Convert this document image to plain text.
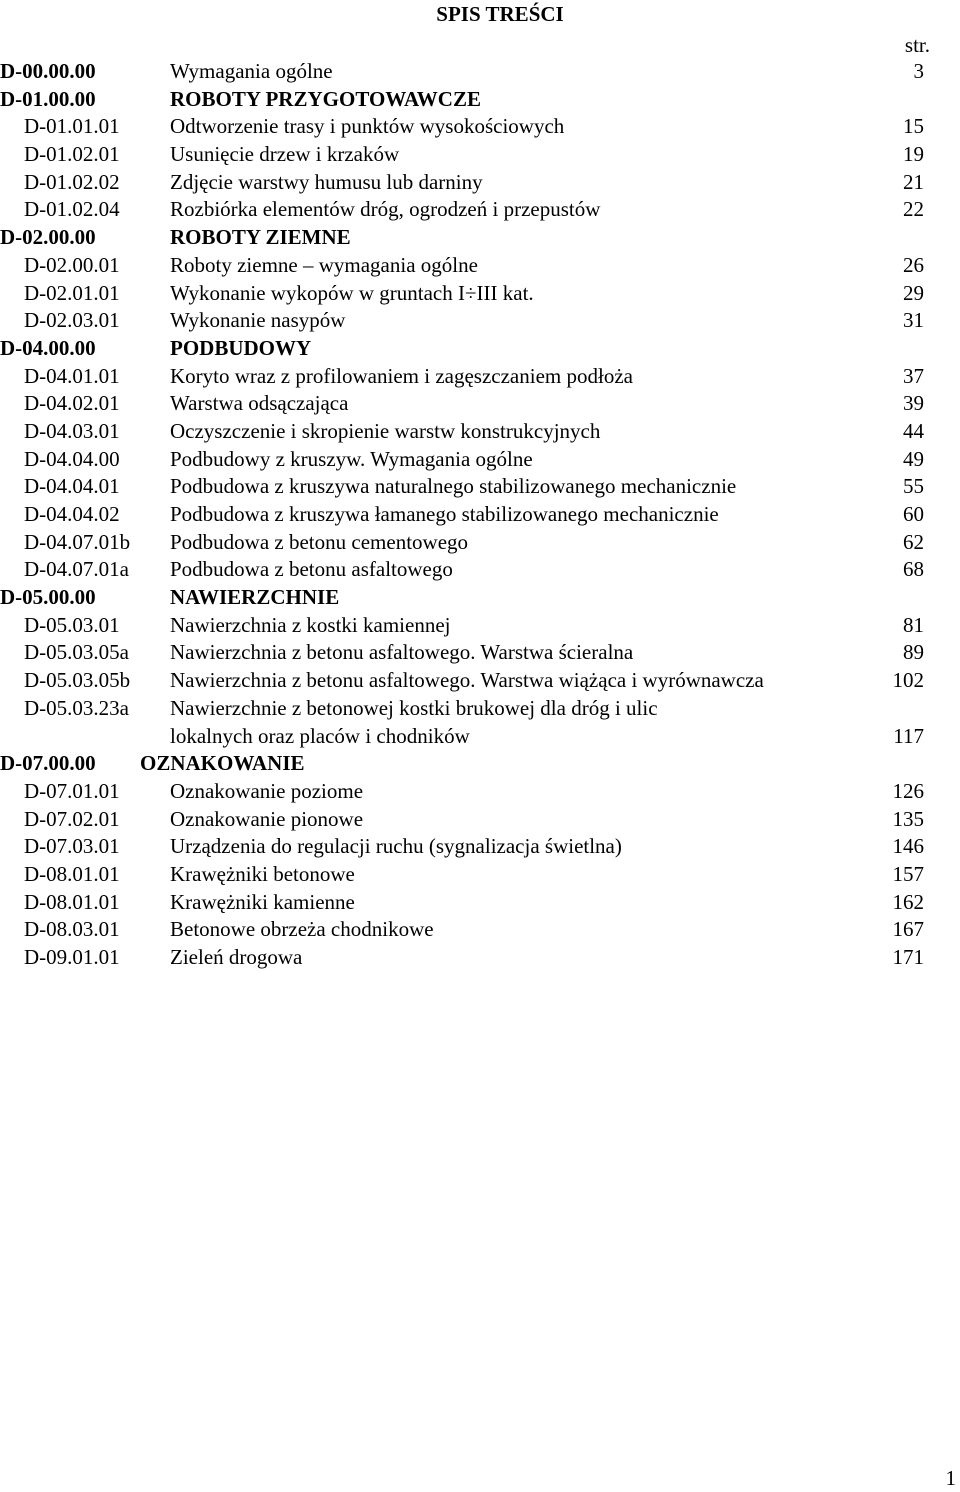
SPIS TREŚCI
str.
D-00.00.00	Wymagania ogólne	3
D-01.00.00	ROBOTY PRZYGOTOWAWCZE
D-01.01.01 Odtworzenie trasy i punktów wysokościowych	15
D-01.02.01 Usunięcie drzew i krzaków	19
D-01.02.02 Zdjęcie warstwy humusu lub darniny	21
D-01.02.04 Rozbiórka elementów dróg, ogrodzeń i przepustów	22
D-02.00.00	ROBOTY ZIEMNE
D-02.00.01 Roboty ziemne – wymagania ogólne	26
D-02.01.01 Wykonanie wykopów w gruntach I÷III kat.	29
D-02.03.01 Wykonanie nasypów	31
D-04.00.00	PODBUDOWY
D-04.01.01 Koryto wraz z profilowaniem i zagęszczaniem podłoża	37
D-04.02.01 Warstwa odsączająca	39
D-04.03.01 Oczyszczenie i skropienie warstw konstrukcyjnych	44
D-04.04.00 Podbudowy z kruszyw. Wymagania ogólne	49
D-04.04.01 Podbudowa z kruszywa naturalnego stabilizowanego mechanicznie	55
D-04.04.02 Podbudowa z kruszywa łamanego stabilizowanego mechanicznie	60
D-04.07.01b Podbudowa z betonu cementowego	62
D-04.07.01a Podbudowa z betonu asfaltowego	68
D-05.00.00	NAWIERZCHNIE
D-05.03.01 Nawierzchnia z kostki kamiennej	81
D-05.03.05a Nawierzchnia z betonu asfaltowego. Warstwa ścieralna	89
D-05.03.05b Nawierzchnia z betonu asfaltowego. Warstwa wiążąca i wyrównawcza	102
D-05.03.23a Nawierzchnie z betonowej kostki brukowej dla dróg i ulic
lokalnych oraz placów i chodników	117
D-07.00.00 OZNAKOWANIE
D-07.01.01 Oznakowanie poziome	126
D-07.02.01 Oznakowanie pionowe	135
D-07.03.01 Urządzenia do regulacji ruchu (sygnalizacja świetlna)	146
D-08.01.01 Krawężniki betonowe	157
D-08.01.01 Krawężniki kamienne	162
D-08.03.01 Betonowe obrzeża chodnikowe	167
D-09.01.01 Zieleń drogowa	171
1
